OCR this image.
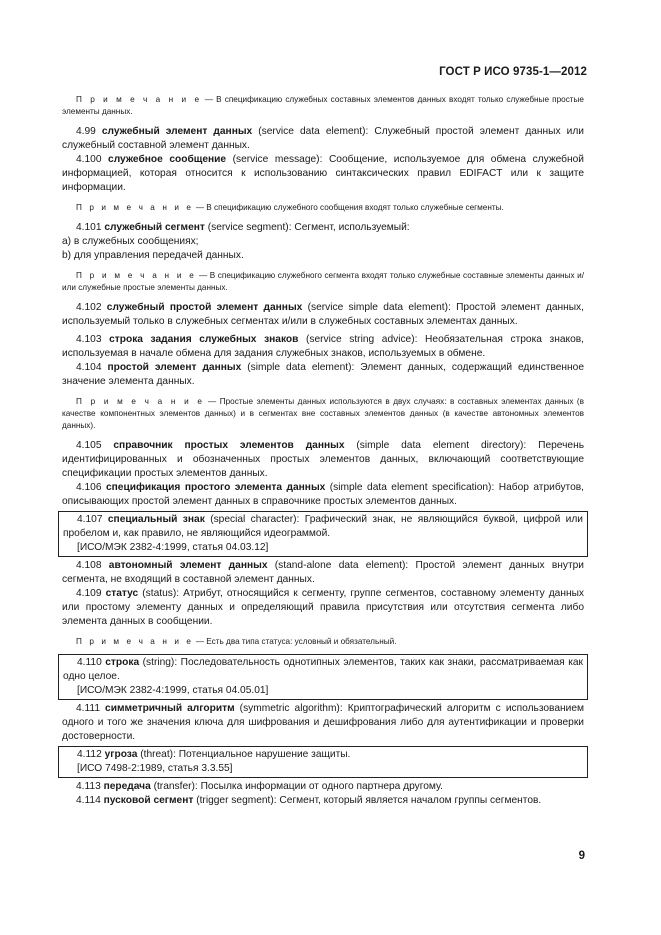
ГОСТ Р ИСО 9735-1—2012

П р и м е ч а н и е — В спецификацию служебных составных элементов данных входят только служебные простые элементы данных.

4.99 служебный элемент данных (service data element): Служебный простой элемент данных или служебный составной элемент данных.

4.100 служебное сообщение (service message): Сообщение, используемое для обмена служебной информацией, которая относится к использованию синтаксических правил EDIFACT или к защите информации.

П р и м е ч а н и е — В спецификацию служебного сообщения входят только служебные сегменты.

4.101 служебный сегмент (service segment): Сегмент, используемый:

а) в служебных сообщениях;

b) для управления передачей данных.

П р и м е ч а н и е — В спецификацию служебного сегмента входят только служебные составные элементы данных и/или служебные простые элементы данных.

4.102 служебный простой элемент данных (service simple data element): Простой элемент данных, используемый только в служебных сегментах и/или в служебных составных элементах данных.

4.103 строка задания служебных знаков (service string advice): Необязательная строка знаков, используемая в начале обмена для задания служебных знаков, используемых в обмене.

4.104 простой элемент данных (simple data element): Элемент данных, содержащий единственное значение элемента данных.

П р и м е ч а н и е — Простые элементы данных используются в двух случаях: в составных элементах данных (в качестве компонентных элементов данных) и в сегментах вне составных элементов данных (в качестве автономных элементов данных).

4.105 справочник простых элементов данных (simple data element directory): Перечень идентифицированных и обозначенных простых элементов данных, включающий соответствующие спецификации простых элементов данных.

4.106 спецификация простого элемента данных (simple data element specification): Набор атрибутов, описывающих простой элемент данных в справочнике простых элементов данных.

4.107 специальный знак (special character): Графический знак, не являющийся буквой, цифрой или пробелом и, как правило, не являющийся идеограммой.

[ИСО/МЭК 2382-4:1999, статья 04.03.12]

4.108 автономный элемент данных (stand-alone data element): Простой элемент данных внутри сегмента, не входящий в составной элемент данных.

4.109 статус (status): Атрибут, относящийся к сегменту, группе сегментов, составному элементу данных или простому элементу данных и определяющий правила присутствия или отсутствия сегмента либо элемента данных в сообщении.

П р и м е ч а н и е — Есть два типа статуса: условный и обязательный.

4.110 строка (string): Последовательность однотипных элементов, таких как знаки, рассматриваемая как одно целое.

[ИСО/МЭК 2382-4:1999, статья 04.05.01]

4.111 симметричный алгоритм (symmetric algorithm): Криптографический алгоритм с использованием одного и того же значения ключа для шифрования и дешифрования либо для аутентификации и проверки достоверности.

4.112 угроза (threat): Потенциальное нарушение защиты.

[ИСО 7498-2:1989, статья 3.3.55]

4.113 передача (transfer): Посылка информации от одного партнера другому.

4.114 пусковой сегмент (trigger segment): Сегмент, который является началом группы сегментов.

9
